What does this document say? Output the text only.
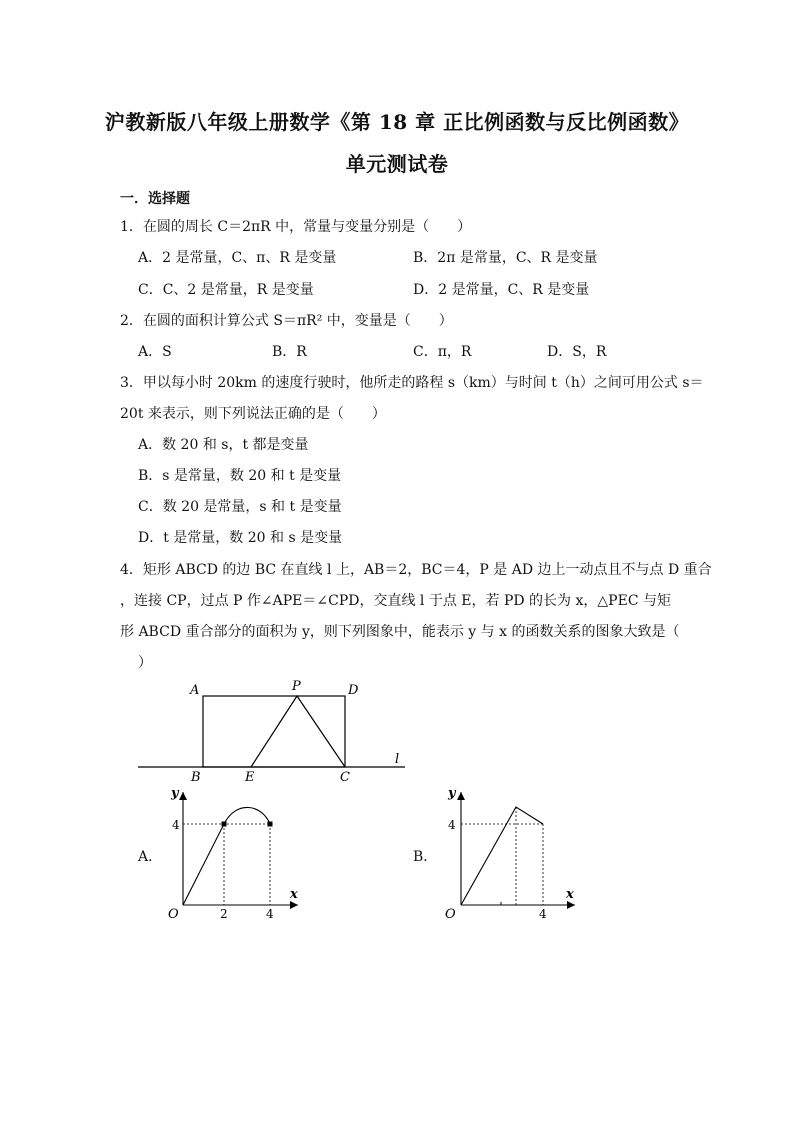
沪教新版八年级上册数学《第 18 章 正比例函数与反比例函数》
单元测试卷
一．选择题
1．在圆的周长 C＝2πR 中，常量与变量分别是（　　）
A．2 是常量，C、π、R 是变量	B．2π 是常量，C、R 是变量
C．C、2 是常量，R 是变量	D．2 是常量，C、R 是变量
2．在圆的面积计算公式 S＝πR² 中，变量是（　　）
A．S	B．R	C．π，R	D．S，R
3．甲以每小时 20km 的速度行驶时，他所走的路程 s（km）与时间 t（h）之间可用公式 s＝
20t 来表示，则下列说法正确的是（　　）
A．数 20 和 s，t 都是变量
B．s 是常量，数 20 和 t 是变量
C．数 20 是常量，s 和 t 是变量
D．t 是常量，数 20 和 s 是变量
4．矩形 ABCD 的边 BC 在直线 l 上，AB＝2，BC＝4，P 是 AD 边上一动点且不与点 D 重合
，连接 CP，过点 P 作∠APE＝∠CPD，交直线 l 于点 E，若 PD 的长为 x，△PEC 与矩
形 ABCD 重合部分的面积为 y，则下列图象中，能表示 y 与 x 的函数关系的图象大致是（
）
A	P	D
B	E	C
l
y
x
O
4
2	4
y
x
O
4
4
A．	B．
